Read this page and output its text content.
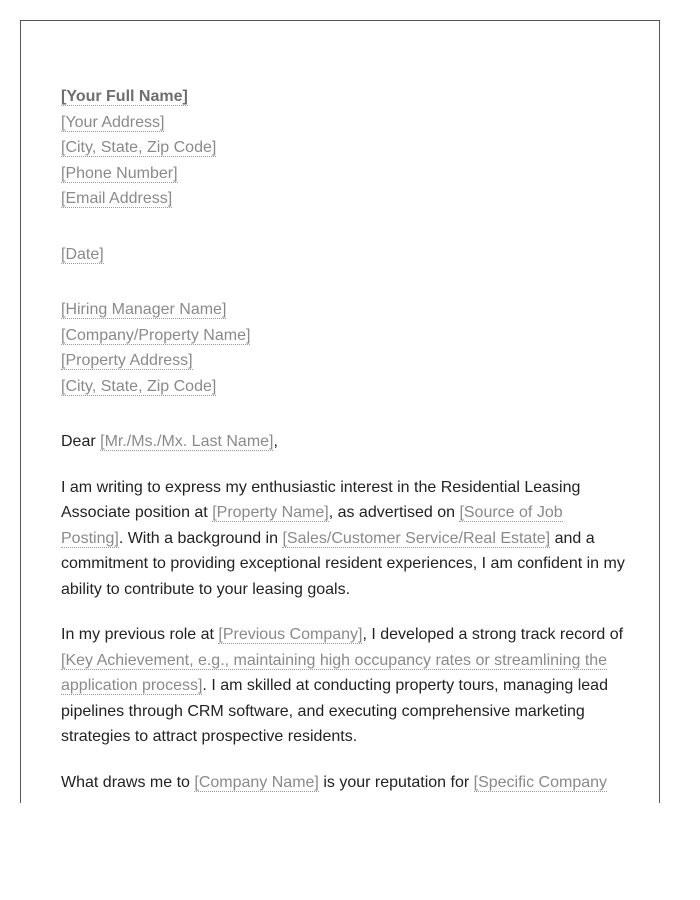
[Your Full Name]
[Your Address]
[City, State, Zip Code]
[Phone Number]
[Email Address]
[Date]
[Hiring Manager Name]
[Company/Property Name]
[Property Address]
[City, State, Zip Code]

Dear [Mr./Ms./Mx. Last Name],

I am writing to express my enthusiastic interest in the Residential Leasing Associate position at [Property Name], as advertised on [Source of Job Posting]. With a background in [Sales/Customer Service/Real Estate] and a commitment to providing exceptional resident experiences, I am confident in my ability to contribute to your leasing goals.

In my previous role at [Previous Company], I developed a strong track record of [Key Achievement, e.g., maintaining high occupancy rates or streamlining the application process]. I am skilled at conducting property tours, managing lead pipelines through CRM software, and executing comprehensive marketing strategies to attract prospective residents.

What draws me to [Company Name] is your reputation for [Specific Company
